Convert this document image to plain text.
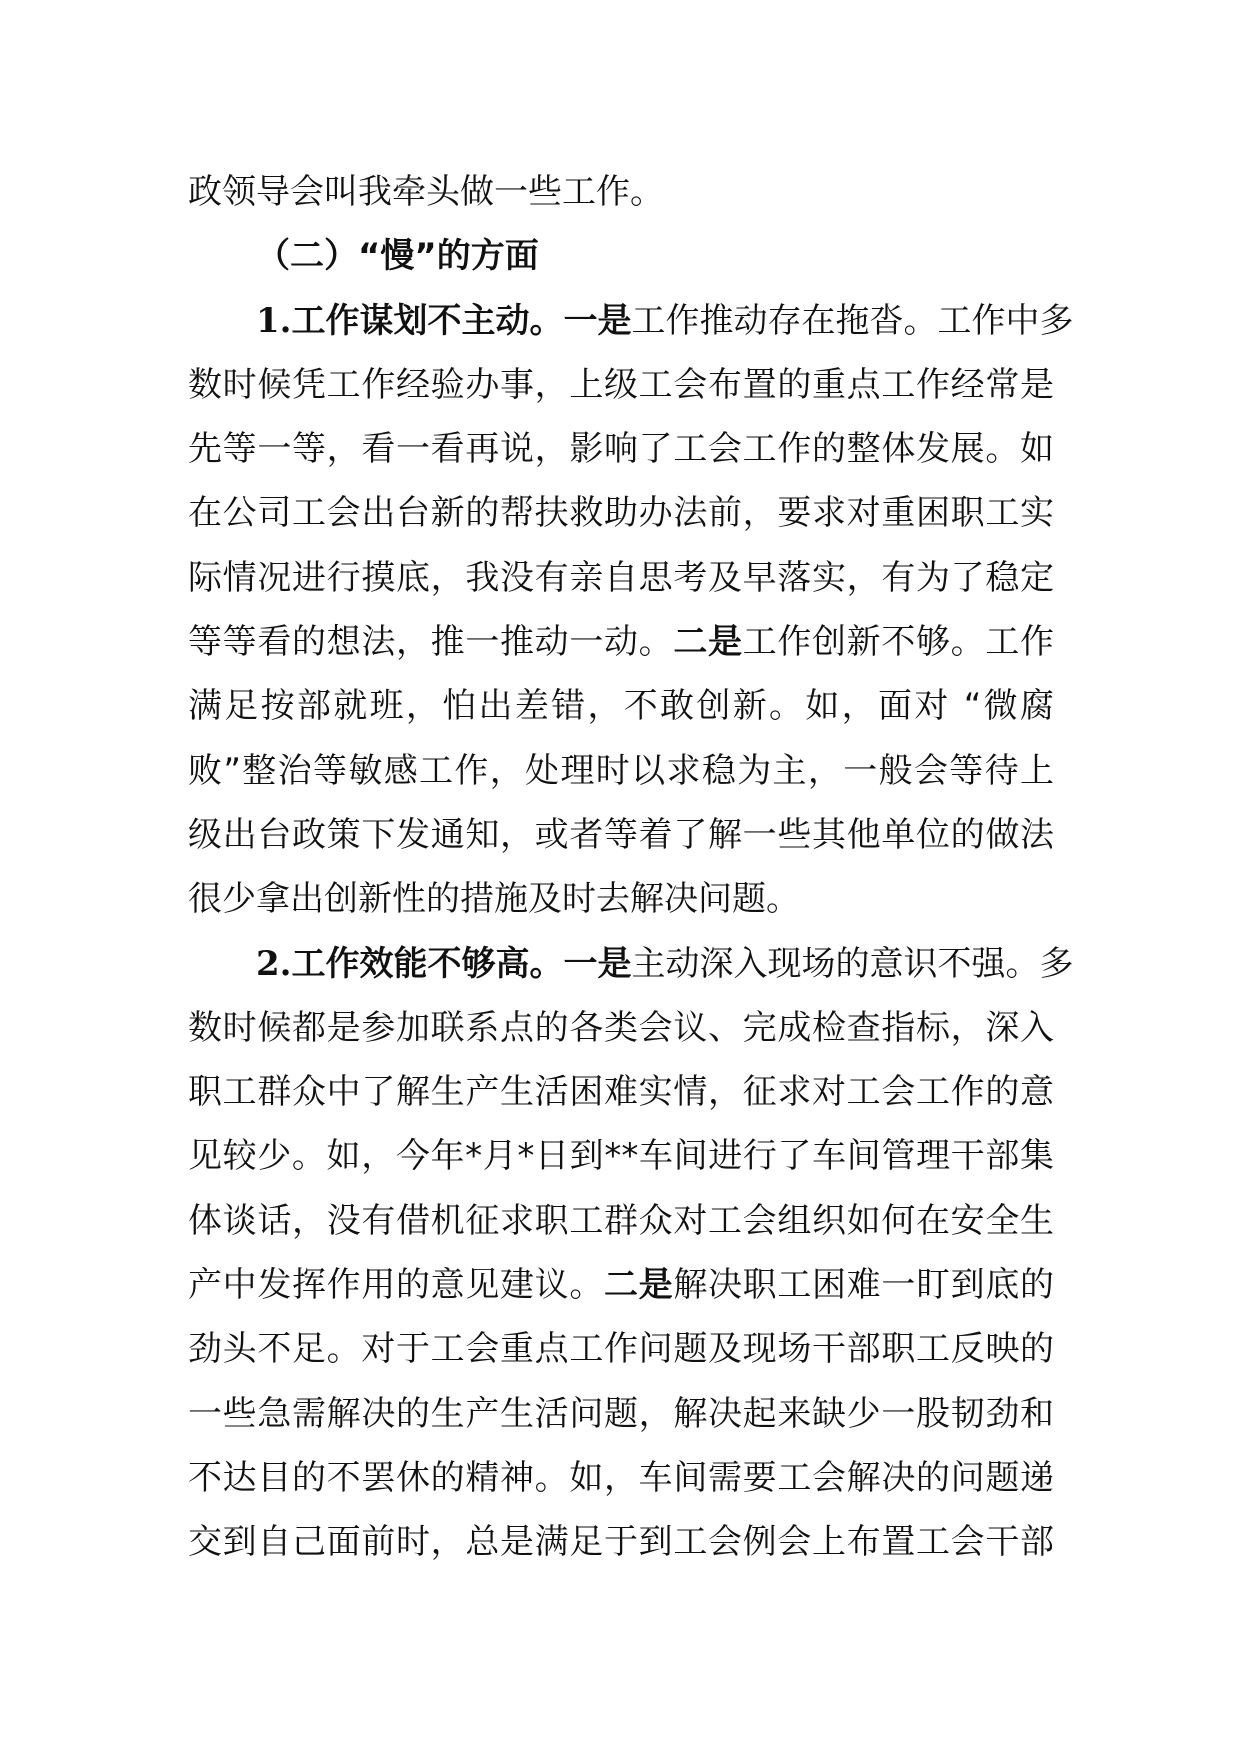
政领导会叫我牵头做一些工作。
（二）“慢”的方面
1.工作谋划不主动。一是工作推动存在拖沓。工作中多
数时候凭工作经验办事，上级工会布置的重点工作经常是
先等一等，看一看再说，影响了工会工作的整体发展。如
在公司工会出台新的帮扶救助办法前，要求对重困职工实
际情况进行摸底，我没有亲自思考及早落实，有为了稳定
等等看的想法，推一推动一动。二是工作创新不够。工作
满足按部就班，怕出差错，不敢创新。如，面对 “微腐
败”整治等敏感工作，处理时以求稳为主，一般会等待上
级出台政策下发通知，或者等着了解一些其他单位的做法
很少拿出创新性的措施及时去解决问题。
2.工作效能不够高。一是主动深入现场的意识不强。多
数时候都是参加联系点的各类会议、完成检查指标，深入
职工群众中了解生产生活困难实情，征求对工会工作的意
见较少。如，今年*月*日到**车间进行了车间管理干部集
体谈话，没有借机征求职工群众对工会组织如何在安全生
产中发挥作用的意见建议。二是解决职工困难一盯到底的
劲头不足。对于工会重点工作问题及现场干部职工反映的
一些急需解决的生产生活问题，解决起来缺少一股韧劲和
不达目的不罢休的精神。如，车间需要工会解决的问题递
交到自己面前时，总是满足于到工会例会上布置工会干部
